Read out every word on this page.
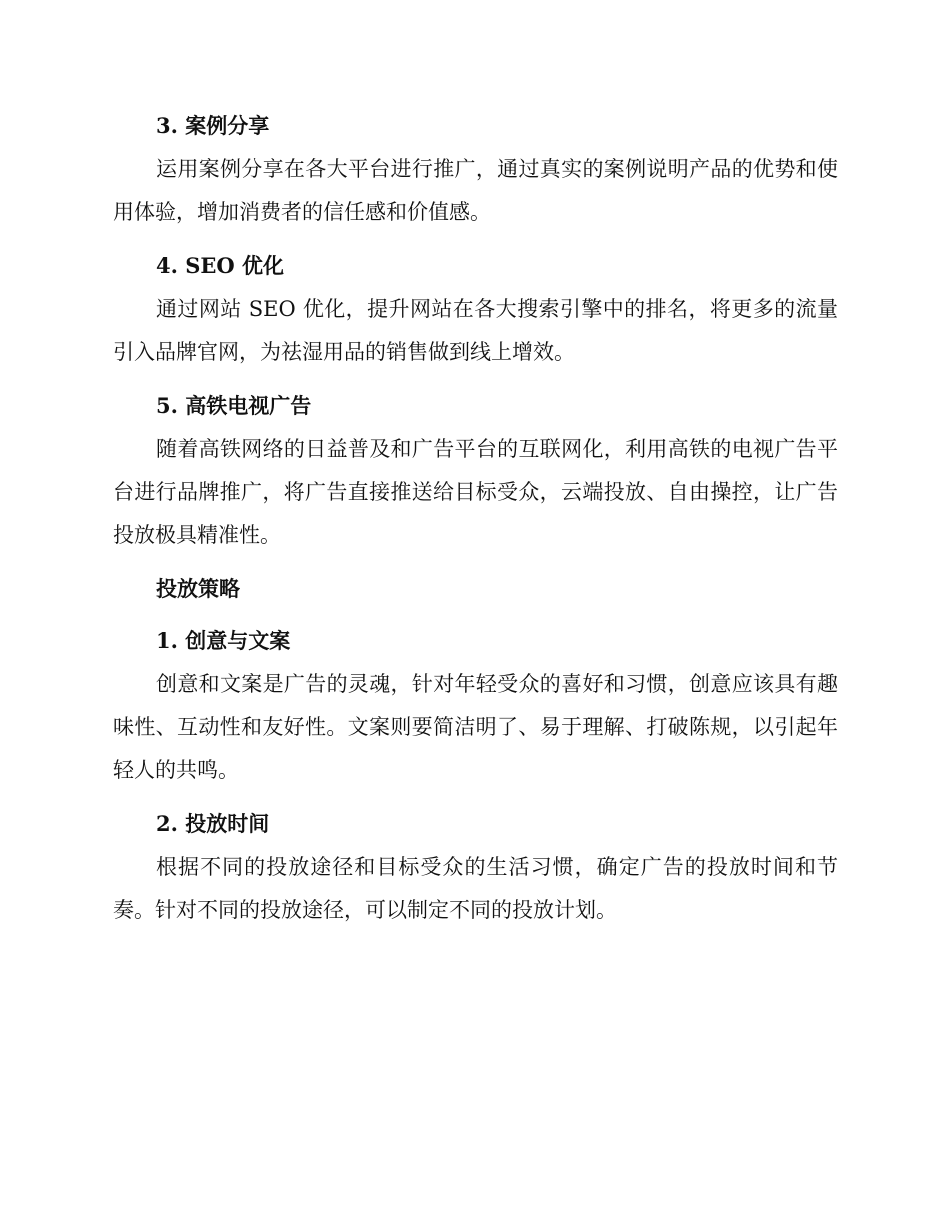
3. 案例分享

运用案例分享在各大平台进行推广，通过真实的案例说明产品的优势和使用体验，增加消费者的信任感和价值感。

4. SEO 优化

通过网站 SEO 优化，提升网站在各大搜索引擎中的排名，将更多的流量引入品牌官网，为祛湿用品的销售做到线上增效。

5. 高铁电视广告

随着高铁网络的日益普及和广告平台的互联网化，利用高铁的电视广告平台进行品牌推广，将广告直接推送给目标受众，云端投放、自由操控，让广告投放极具精准性。

投放策略
1. 创意与文案

创意和文案是广告的灵魂，针对年轻受众的喜好和习惯，创意应该具有趣味性、互动性和友好性。文案则要简洁明了、易于理解、打破陈规，以引起年轻人的共鸣。

2. 投放时间

根据不同的投放途径和目标受众的生活习惯，确定广告的投放时间和节奏。针对不同的投放途径，可以制定不同的投放计划。
